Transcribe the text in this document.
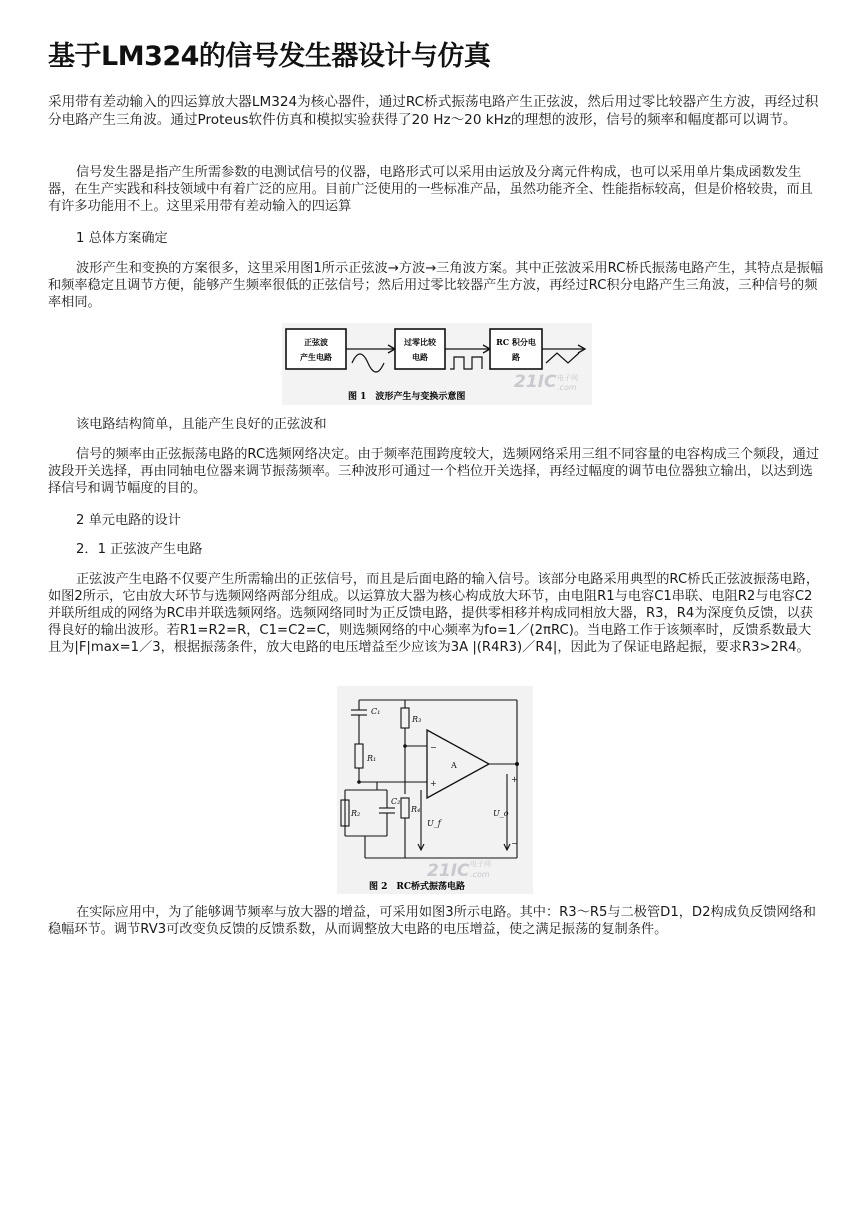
基于LM324的信号发生器设计与仿真

采用带有差动输入的四运算放大器LM324为核心器件，通过RC桥式振荡电路产生正弦波，然后用过零比较器产生方波，再经过积分电路产生三角波。通过Proteus软件仿真和模拟实验获得了20 Hz～20 kHz的理想的波形，信号的频率和幅度都可以调节。

信号发生器是指产生所需参数的电测试信号的仪器，电路形式可以采用由运放及分离元件构成，也可以采用单片集成函数发生器，在生产实践和科技领域中有着广泛的应用。目前广泛使用的一些标准产品，虽然功能齐全、性能指标较高，但是价格较贵，而且有许多功能用不上。这里采用带有差动输入的四运算

1 总体方案确定

波形产生和变换的方案很多，这里采用图1所示正弦波→方波→三角波方案。其中正弦波采用RC桥氏振荡电路产生，其特点是振幅和频率稳定且调节方便，能够产生频率很低的正弦信号；然后用过零比较器产生方波，再经过RC积分电路产生三角波，三种信号的频率相同。

正弦波
产生电路
过零比较
电路
RC 积分电
路
21IC 电子网
.com
图 1　波形产生与变换示意图

该电路结构简单，且能产生良好的正弦波和

信号的频率由正弦振荡电路的RC选频网络决定。由于频率范围跨度较大，选频网络采用三组不同容量的电容构成三个频段，通过波段开关选择，再由同轴电位器来调节振荡频率。三种波形可通过一个档位开关选择，再经过幅度的调节电位器独立输出，以达到选择信号和调节幅度的目的。

2 单元电路的设计

2．1 正弦波产生电路

正弦波产生电路不仅要产生所需输出的正弦信号，而且是后面电路的输入信号。该部分电路采用典型的RC桥氏正弦波振荡电路，如图2所示，它由放大环节与选频网络两部分组成。以运算放大器为核心构成放大环节，由电阻R1与电容C1串联、电阻R2与电容C2并联所组成的网络为RC串并联选频网络。选频网络同时为正反馈电路，提供零相移并构成同相放大器，R3，R4为深度负反馈，以获得良好的输出波形。若R1=R2=R，C1=C2=C，则选频网络的中心频率为fo=1／(2πRC)。当电路工作于该频率时，反馈系数最大且为|F|max=1／3，根据振荡条件，放大电路的电压增益至少应该为3A |(R4R3)／R4|，因此为了保证电路起振，要求R3>2R4。

C₁
R₃
R₁
A
−
+	+
R₂
C₂
R₄
U_f
U_o
−
21IC 电子网
.com
图 2　RC桥式振荡电路

在实际应用中，为了能够调节频率与放大器的增益，可采用如图3所示电路。其中：R3～R5与二极管D1，D2构成负反馈网络和稳幅环节。调节RV3可改变负反馈的反馈系数，从而调整放大电路的电压增益，使之满足振荡的复制条件。
